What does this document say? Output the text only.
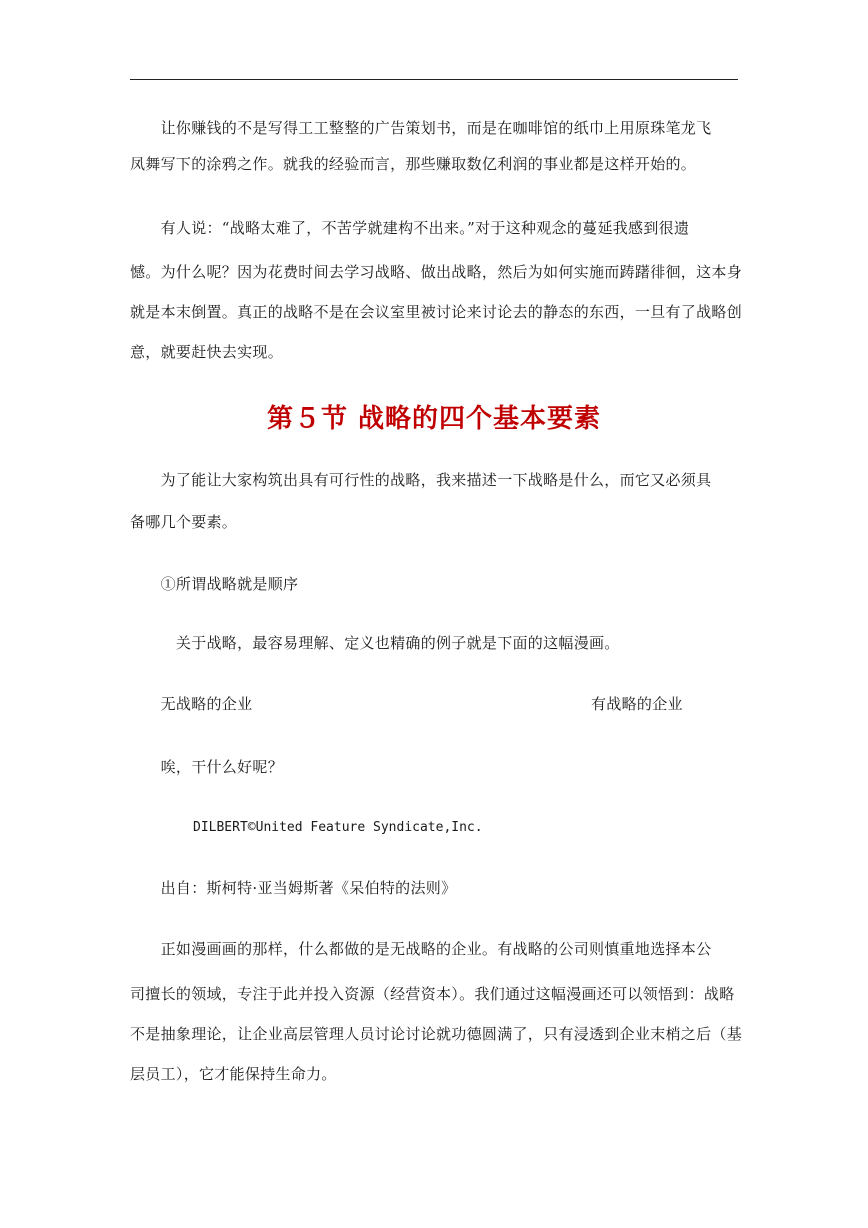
　　让你赚钱的不是写得工工整整的广告策划书，而是在咖啡馆的纸巾上用原珠笔龙飞
凤舞写下的涂鸦之作。就我的经验而言，那些赚取数亿利润的事业都是这样开始的。
　　有人说：“战略太难了，不苦学就建构不出来。”对于这种观念的蔓延我感到很遗
憾。为什么呢？因为花费时间去学习战略、做出战略，然后为如何实施而踌躇徘徊，这本身
就是本末倒置。真正的战略不是在会议室里被讨论来讨论去的静态的东西，一旦有了战略创
意，就要赶快去实现。
第５节 战略的四个基本要素
　　为了能让大家构筑出具有可行性的战略，我来描述一下战略是什么，而它又必须具
备哪几个要素。
　　①所谓战略就是顺序
　　　关于战略，最容易理解、定义也精确的例子就是下面的这幅漫画。
　　无战略的企业	有战略的企业
　　唉，干什么好呢？
DILBERT©United Feature Syndicate,Inc.
　　出自：斯柯特·亚当姆斯著《呆伯特的法则》
　　正如漫画画的那样，什么都做的是无战略的企业。有战略的公司则慎重地选择本公
司擅长的领域，专注于此并投入资源（经营资本）。我们通过这幅漫画还可以领悟到：战略
不是抽象理论，让企业高层管理人员讨论讨论就功德圆满了，只有浸透到企业末梢之后（基
层员工），它才能保持生命力。
